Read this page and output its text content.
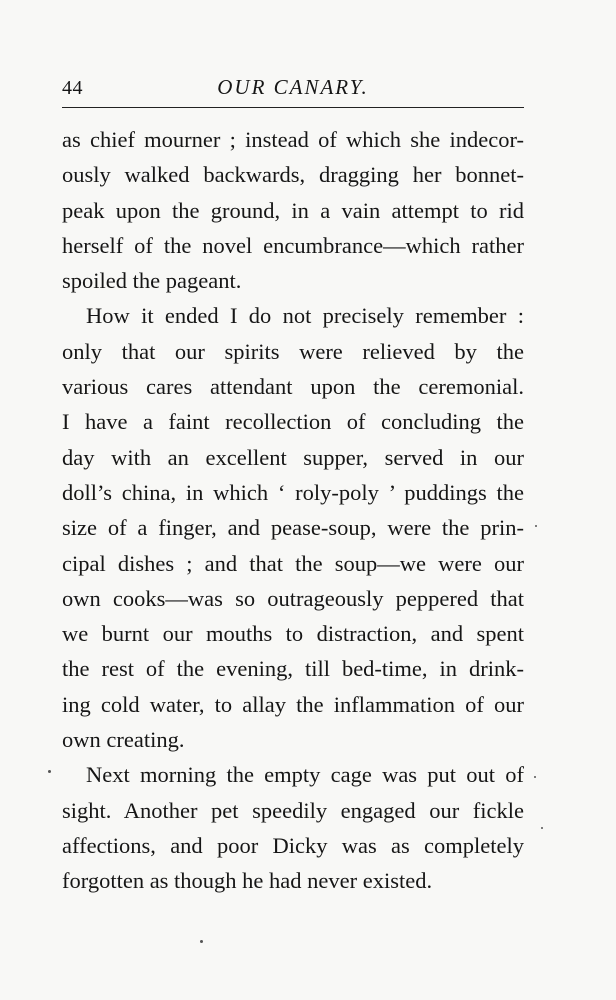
44	OUR CANARY.
as chief mourner ; instead of which she indecor-
ously walked backwards, dragging her bonnet-
peak upon the ground, in a vain attempt to rid
herself of the novel encumbrance—which rather
spoiled the pageant.
How it ended I do not precisely remember :
only that our spirits were relieved by the
various cares attendant upon the ceremonial.
I have a faint recollection of concluding the
day with an excellent supper, served in our
doll’s china, in which ‘ roly-poly ’ puddings the
size of a finger, and pease-soup, were the prin-
cipal dishes ; and that the soup—we were our
own cooks—was so outrageously peppered that
we burnt our mouths to distraction, and spent
the rest of the evening, till bed-time, in drink-
ing cold water, to allay the inflammation of our
own creating.
Next morning the empty cage was put out of
sight. Another pet speedily engaged our fickle
affections, and poor Dicky was as completely
forgotten as though he had never existed.
